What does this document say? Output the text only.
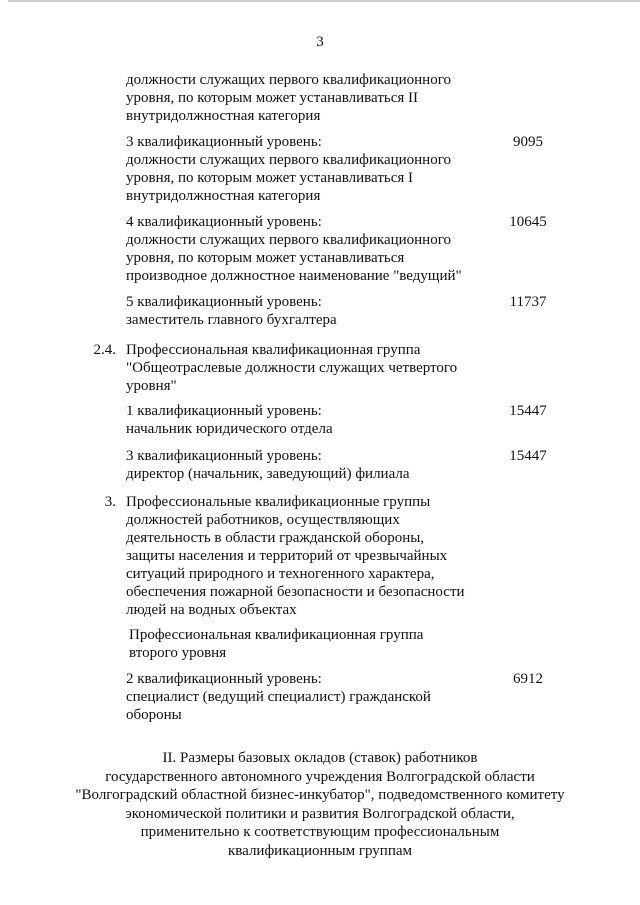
3
должности служащих первого квалификационного
уровня, по которым может устанавливаться II
внутридолжностная категория
3 квалификационный уровень:
должности служащих первого квалификационного
уровня, по которым может устанавливаться I
внутридолжностная категория
9095
4 квалификационный уровень:
должности служащих первого квалификационного
уровня, по которым может устанавливаться
производное должностное наименование "ведущий"
10645
5 квалификационный уровень:
заместитель главного бухгалтера
11737
2.4. Профессиональная квалификационная группа
"Общеотраслевые должности служащих четвертого
уровня"
1 квалификационный уровень:
начальник юридического отдела
15447
3 квалификационный уровень:
директор (начальник, заведующий) филиала
15447
3. Профессиональные квалификационные группы
должностей работников, осуществляющих
деятельность в области гражданской обороны,
защиты населения и территорий от чрезвычайных
ситуаций природного и техногенного характера,
обеспечения пожарной безопасности и безопасности
людей на водных объектах
Профессиональная квалификационная группа
второго уровня
2 квалификационный уровень:
специалист (ведущий специалист) гражданской
обороны
6912
II. Размеры базовых окладов (ставок) работников
государственного автономного учреждения Волгоградской области
"Волгоградский областной бизнес-инкубатор", подведомственного комитету
экономической политики и развития Волгоградской области,
применительно к соответствующим профессиональным
квалификационным группам
